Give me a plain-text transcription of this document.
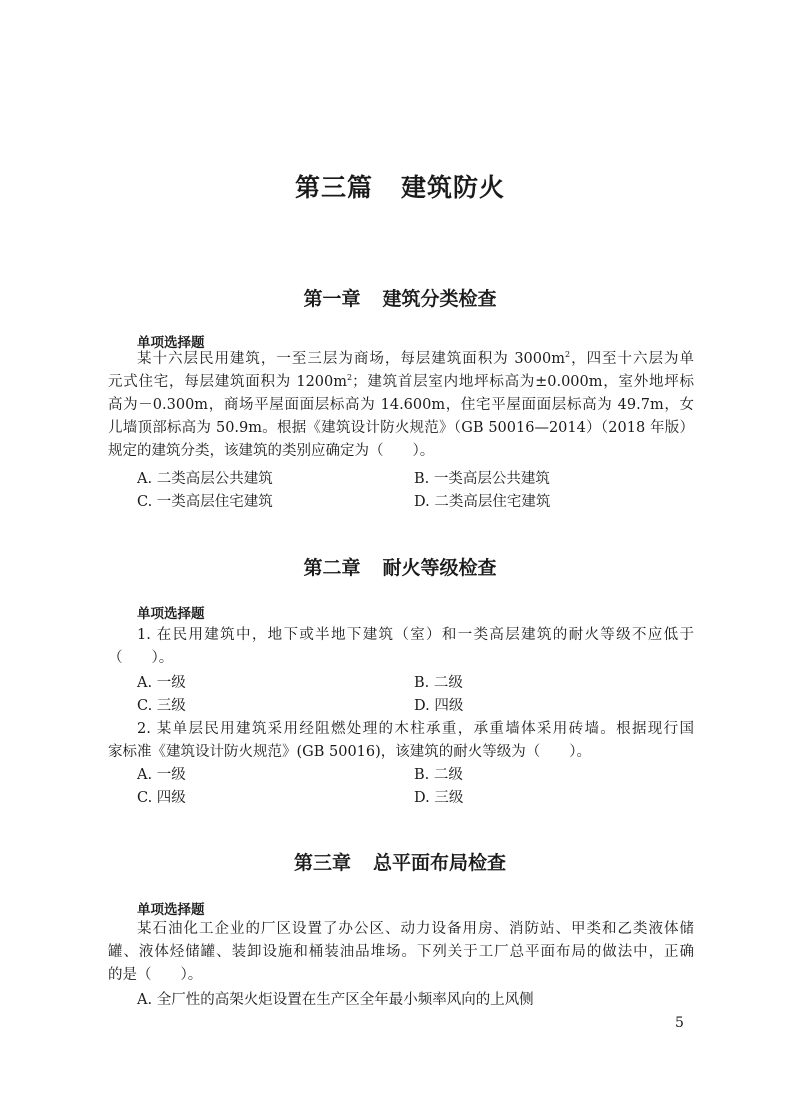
第三篇 建筑防火
第一章 建筑分类检查
单项选择题
某十六层民用建筑，一至三层为商场，每层建筑面积为 $3000m^2$，四至十六层为单
元式住宅，每层建筑面积为 $1200m^2$；建筑首层室内地坪标高为±0.000m，室外地坪标
高为－0.300m，商场平屋面面层标高为 14.600m，住宅平屋面面层标高为 49.7m，女
儿墙顶部标高为 50.9m。根据《建筑设计防火规范》（GB 50016—2014）（2018 年版）
规定的建筑分类，该建筑的类别应确定为（　　）。
A. 二类高层公共建筑	B. 一类高层公共建筑
C. 一类高层住宅建筑	D. 二类高层住宅建筑
第二章 耐火等级检查
单项选择题
1. 在民用建筑中，地下或半地下建筑（室）和一类高层建筑的耐火等级不应低于
（　　）。
A. 一级	B. 二级
C. 三级	D. 四级
2. 某单层民用建筑采用经阻燃处理的木柱承重，承重墙体采用砖墙。根据现行国
家标准《建筑设计防火规范》(GB 50016)，该建筑的耐火等级为（　　）。
A. 一级	B. 二级
C. 四级	D. 三级
第三章 总平面布局检查
单项选择题
某石油化工企业的厂区设置了办公区、动力设备用房、消防站、甲类和乙类液体储
罐、液体烃储罐、装卸设施和桶装油品堆场。下列关于工厂总平面布局的做法中，正确
的是（　　）。
A. 全厂性的高架火炬设置在生产区全年最小频率风向的上风侧
5
